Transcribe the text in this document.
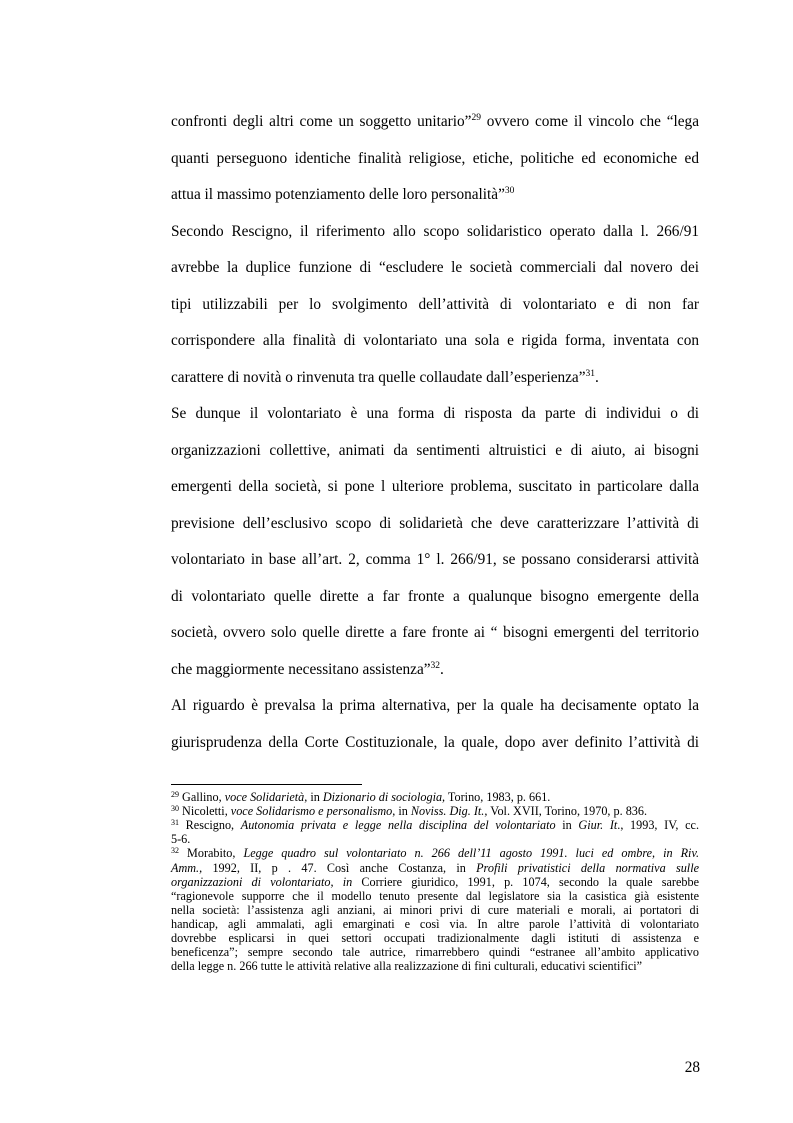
confronti degli altri come un soggetto unitario”$^{29}$ ovvero come il vincolo che “lega
quanti perseguono identiche finalità religiose, etiche, politiche ed economiche ed
attua il massimo potenziamento delle loro personalità”$^{30}$
Secondo Rescigno, il riferimento allo scopo solidaristico operato dalla l. 266/91
avrebbe la duplice funzione di “escludere le società commerciali dal novero dei
tipi utilizzabili per lo svolgimento dell’attività di volontariato e di non far
corrispondere alla finalità di volontariato una sola e rigida forma, inventata con
carattere di novità o rinvenuta tra quelle collaudate dall’esperienza”$^{31}$.
Se dunque il volontariato è una forma di risposta da parte di individui o di
organizzazioni collettive, animati da sentimenti altruistici e di aiuto, ai bisogni
emergenti della società, si pone l ulteriore problema, suscitato in particolare dalla
previsione dell’esclusivo scopo di solidarietà che deve caratterizzare l’attività di
volontariato in base all’art. 2, comma 1° l. 266/91, se possano considerarsi attività
di volontariato quelle dirette a far fronte a qualunque bisogno emergente della
società, ovvero solo quelle dirette a fare fronte ai “ bisogni emergenti del territorio
che maggiormente necessitano assistenza”$^{32}$.
Al riguardo è prevalsa la prima alternativa, per la quale ha decisamente optato la
giurisprudenza della Corte Costituzionale, la quale, dopo aver definito l’attività di
$^{29}$ Gallino, voce Solidarietà, in Dizionario di sociologia, Torino, 1983, p. 661.
$^{30}$ Nicoletti, voce Solidarismo e personalismo, in Noviss. Dig. It., Vol. XVII, Torino, 1970, p. 836.
$^{31}$ Rescigno, Autonomia privata e legge nella disciplina del volontariato in Giur. It., 1993, IV, cc.
5-6.
$^{32}$ Morabito, Legge quadro sul volontariato n. 266 dell’11 agosto 1991. luci ed ombre, in Riv.
Amm., 1992, II, p . 47. Così anche Costanza, in Profili privatistici della normativa sulle
organizzazioni di volontariato, in Corriere giuridico, 1991, p. 1074, secondo la quale sarebbe
“ragionevole supporre che il modello tenuto presente dal legislatore sia la casistica già esistente
nella società: l’assistenza agli anziani, ai minori privi di cure materiali e morali, ai portatori di
handicap, agli ammalati, agli emarginati e così via. In altre parole l’attività di volontariato
dovrebbe esplicarsi in quei settori occupati tradizionalmente dagli istituti di assistenza e
beneficenza”; sempre secondo tale autrice, rimarrebbero quindi “estranee all’ambito applicativo
della legge n. 266 tutte le attività relative alla realizzazione di fini culturali, educativi scientifici”
28
